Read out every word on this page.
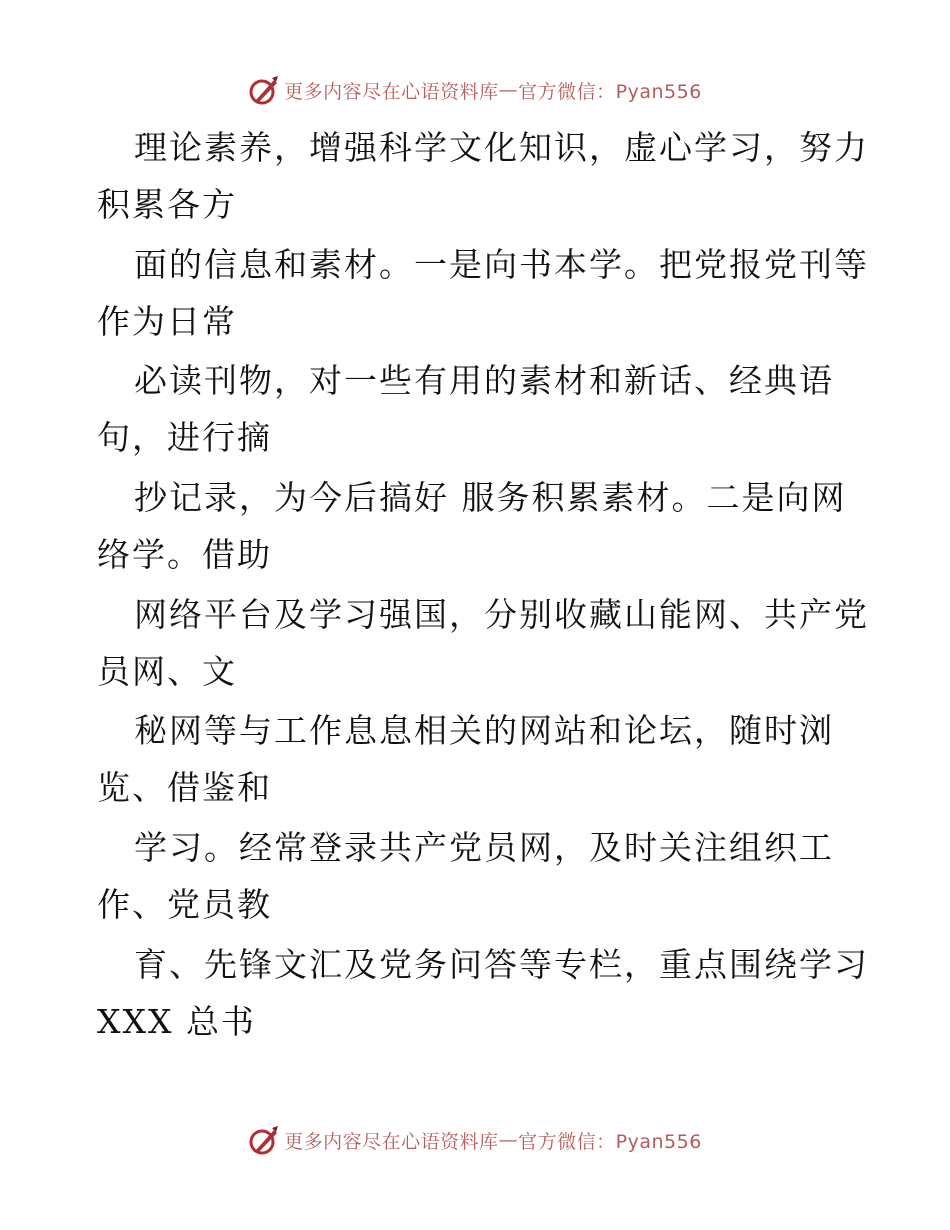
更多内容尽在心语资料库 — 官方微信：Pyan556
理论素养，增强科学文化知识，虚心学习，努力
积累各方
面的信息和素材。一是向书本学。把党报党刊等
作为日常
必读刊物，对一些有用的素材和新话、经典语
句，进行摘
抄记录，为今后搞好 服务积累素材。二是向网
络学。借助
网络平台及学习强国，分别收藏山能网、共产党
员网、文
秘网等与工作息息相关的网站和论坛，随时浏
览、借鉴和
学习。经常登录共产党员网，及时关注组织工
作、党员教
育、先锋文汇及党务问答等专栏，重点围绕学习
XXX 总书
更多内容尽在心语资料库 — 官方微信：Pyan556
